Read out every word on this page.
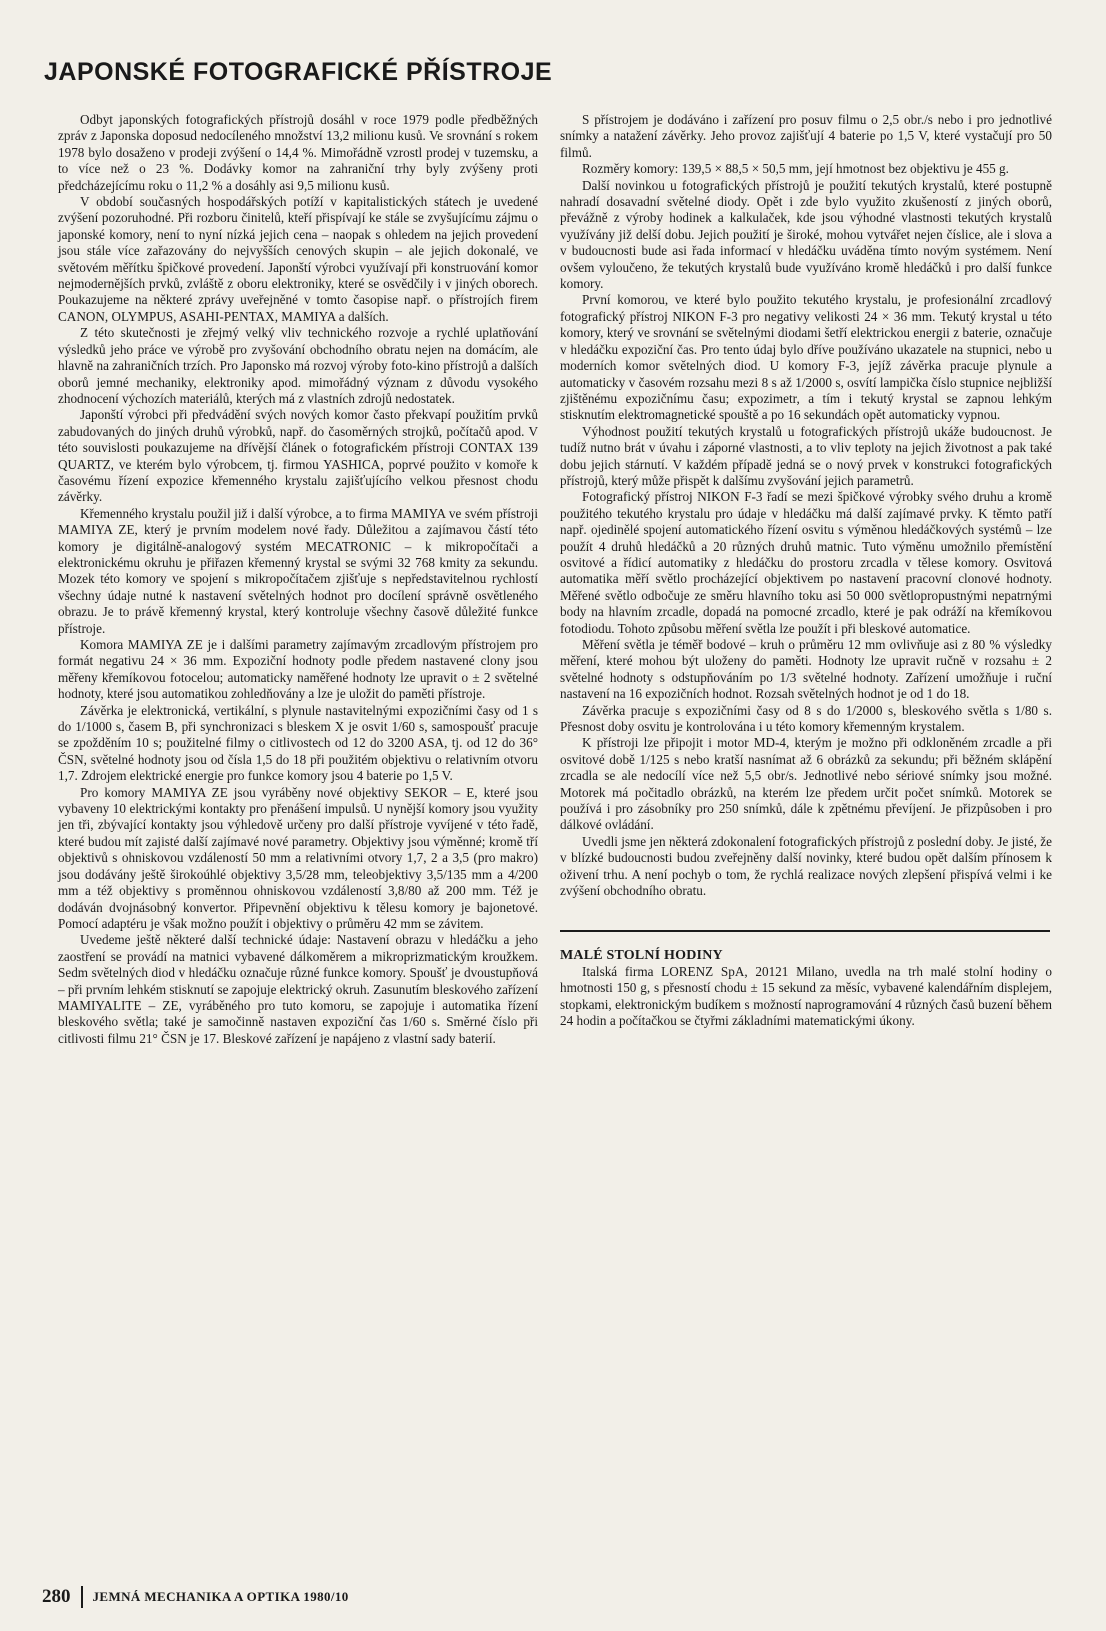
JAPONSKÉ FOTOGRAFICKÉ PŘÍSTROJE

Odbyt japonských fotografických přístrojů dosáhl v roce 1979 podle předběžných zpráv z Japonska doposud nedocíleného množství 13,2 milionu kusů. Ve srovnání s rokem 1978 bylo dosaženo v prodeji zvýšení o 14,4 %. Mimořádně vzrostl prodej v tuzemsku, a to více než o 23 %. Dodávky komor na zahraniční trhy byly zvýšeny proti předcházejícímu roku o 11,2 % a dosáhly asi 9,5 milionu kusů.

V období současných hospodářských potíží v kapitalistických státech je uvedené zvýšení pozoruhodné. Při rozboru činitelů, kteří přispívají ke stále se zvyšujícímu zájmu o japonské komory, není to nyní nízká jejich cena – naopak s ohledem na jejich provedení jsou stále více zařazovány do nejvyšších cenových skupin – ale jejich dokonalé, ve světovém měřítku špičkové provedení. Japonští výrobci využívají při konstruování komor nejmodernějších prvků, zvláště z oboru elektroniky, které se osvědčily i v jiných oborech. Poukazujeme na některé zprávy uveřejněné v tomto časopise např. o přístrojích firem CANON, OLYMPUS, ASAHI-PENTAX, MAMIYA a dalších.

Z této skutečnosti je zřejmý velký vliv technického rozvoje a rychlé uplatňování výsledků jeho práce ve výrobě pro zvyšování obchodního obratu nejen na domácím, ale hlavně na zahraničních trzích. Pro Japonsko má rozvoj výroby foto-kino přístrojů a dalších oborů jemné mechaniky, elektroniky apod. mimořádný význam z důvodu vysokého zhodnocení výchozích materiálů, kterých má z vlastních zdrojů nedostatek.

Japonští výrobci při předvádění svých nových komor často překvapí použitím prvků zabudovaných do jiných druhů výrobků, např. do časoměrných strojků, počítačů apod. V této souvislosti poukazujeme na dřívější článek o fotografickém přístroji CONTAX 139 QUARTZ, ve kterém bylo výrobcem, tj. firmou YASHICA, poprvé použito v komoře k časovému řízení expozice křemenného krystalu zajišťujícího velkou přesnost chodu závěrky.

Křemenného krystalu použil již i další výrobce, a to firma MAMIYA ve svém přístroji MAMIYA ZE, který je prvním modelem nové řady. Důležitou a zajímavou částí této komory je digitálně-analogový systém MECATRONIC – k mikropočítači a elektronickému okruhu je přiřazen křemenný krystal se svými 32 768 kmity za sekundu. Mozek této komory ve spojení s mikropočítačem zjišťuje s nepředstavitelnou rychlostí všechny údaje nutné k nastavení světelných hodnot pro docílení správně osvětleného obrazu. Je to právě křemenný krystal, který kontroluje všechny časově důležité funkce přístroje.

Komora MAMIYA ZE je i dalšími parametry zajímavým zrcadlovým přístrojem pro formát negativu 24 × 36 mm. Expoziční hodnoty podle předem nastavené clony jsou měřeny křemíkovou fotocelou; automaticky naměřené hodnoty lze upravit o ± 2 světelné hodnoty, které jsou automatikou zohledňovány a lze je uložit do paměti přístroje.

Závěrka je elektronická, vertikální, s plynule nastavitelnými expozičními časy od 1 s do 1/1000 s, časem B, při synchronizaci s bleskem X je osvit 1/60 s, samospoušť pracuje se zpožděním 10 s; použitelné filmy o citlivostech od 12 do 3200 ASA, tj. od 12 do 36° ČSN, světelné hodnoty jsou od čísla 1,5 do 18 při použitém objektivu o relativním otvoru 1,7. Zdrojem elektrické energie pro funkce komory jsou 4 baterie po 1,5 V.

Pro komory MAMIYA ZE jsou vyráběny nové objektivy SEKOR – E, které jsou vybaveny 10 elektrickými kontakty pro přenášení impulsů. U nynější komory jsou využity jen tři, zbývající kontakty jsou výhledově určeny pro další přístroje vyvíjené v této řadě, které budou mít zajisté další zajímavé nové parametry. Objektivy jsou výměnné; kromě tří objektivů s ohniskovou vzdáleností 50 mm a relativními otvory 1,7, 2 a 3,5 (pro makro) jsou dodávány ještě širokoúhlé objektivy 3,5/28 mm, teleobjektivy 3,5/135 mm a 4/200 mm a též objektivy s proměnnou ohniskovou vzdáleností 3,8/80 až 200 mm. Též je dodáván dvojnásobný konvertor. Připevnění objektivu k tělesu komory je bajonetové. Pomocí adaptéru je však možno použít i objektivy o průměru 42 mm se závitem.

Uvedeme ještě některé další technické údaje: Nastavení obrazu v hledáčku a jeho zaostření se provádí na matnici vybavené dálkoměrem a mikroprizmatickým kroužkem. Sedm světelných diod v hledáčku označuje různé funkce komory. Spoušť je dvoustupňová – při prvním lehkém stisknutí se zapojuje elektrický okruh. Zasunutím bleskového zařízení MAMIYALITE – ZE, vyráběného pro tuto komoru, se zapojuje i automatika řízení bleskového světla; také je samočinně nastaven expoziční čas 1/60 s. Směrné číslo při citlivosti filmu 21° ČSN je 17. Bleskové zařízení je napájeno z vlastní sady baterií.

S přístrojem je dodáváno i zařízení pro posuv filmu o 2,5 obr./s nebo i pro jednotlivé snímky a natažení závěrky. Jeho provoz zajišťují 4 baterie po 1,5 V, které vystačují pro 50 filmů.

Rozměry komory: 139,5 × 88,5 × 50,5 mm, její hmotnost bez objektivu je 455 g.

Další novinkou u fotografických přístrojů je použití tekutých krystalů, které postupně nahradí dosavadní světelné diody. Opět i zde bylo využito zkušeností z jiných oborů, převážně z výroby hodinek a kalkulaček, kde jsou výhodné vlastnosti tekutých krystalů využívány již delší dobu. Jejich použití je široké, mohou vytvářet nejen číslice, ale i slova a v budoucnosti bude asi řada informací v hledáčku uváděna tímto novým systémem. Není ovšem vyloučeno, že tekutých krystalů bude využíváno kromě hledáčků i pro další funkce komory.

První komorou, ve které bylo použito tekutého krystalu, je profesionální zrcadlový fotografický přístroj NIKON F-3 pro negativy velikosti 24 × 36 mm. Tekutý krystal u této komory, který ve srovnání se světelnými diodami šetří elektrickou energii z baterie, označuje v hledáčku expoziční čas. Pro tento údaj bylo dříve používáno ukazatele na stupnici, nebo u moderních komor světelných diod. U komory F-3, jejíž závěrka pracuje plynule a automaticky v časovém rozsahu mezi 8 s až 1/2000 s, osvítí lampička číslo stupnice nejbližší zjištěnému expozičnímu času; expozimetr, a tím i tekutý krystal se zapnou lehkým stisknutím elektromagnetické spouště a po 16 sekundách opět automaticky vypnou.

Výhodnost použití tekutých krystalů u fotografických přístrojů ukáže budoucnost. Je tudíž nutno brát v úvahu i záporné vlastnosti, a to vliv teploty na jejich životnost a pak také dobu jejich stárnutí. V každém případě jedná se o nový prvek v konstrukci fotografických přístrojů, který může přispět k dalšímu zvyšování jejich parametrů.

Fotografický přístroj NIKON F-3 řadí se mezi špičkové výrobky svého druhu a kromě použitého tekutého krystalu pro údaje v hledáčku má další zajímavé prvky. K těmto patří např. ojedinělé spojení automatického řízení osvitu s výměnou hledáčkových systémů – lze použít 4 druhů hledáčků a 20 různých druhů matnic. Tuto výměnu umožnilo přemístění osvitové a řídicí automatiky z hledáčku do prostoru zrcadla v tělese komory. Osvitová automatika měří světlo procházející objektivem po nastavení pracovní clonové hodnoty. Měřené světlo odbočuje ze směru hlavního toku asi 50 000 světlopropustnými nepatrnými body na hlavním zrcadle, dopadá na pomocné zrcadlo, které je pak odráží na křemíkovou fotodiodu. Tohoto způsobu měření světla lze použít i při bleskové automatice.

Měření světla je téměř bodové – kruh o průměru 12 mm ovlivňuje asi z 80 % výsledky měření, které mohou být uloženy do paměti. Hodnoty lze upravit ručně v rozsahu ± 2 světelné hodnoty s odstupňováním po 1/3 světelné hodnoty. Zařízení umožňuje i ruční nastavení na 16 expozičních hodnot. Rozsah světelných hodnot je od 1 do 18.

Závěrka pracuje s expozičními časy od 8 s do 1/2000 s, bleskového světla s 1/80 s. Přesnost doby osvitu je kontrolována i u této komory křemenným krystalem.

K přístroji lze připojit i motor MD-4, kterým je možno při odkloněném zrcadle a při osvitové době 1/125 s nebo kratší nasnímat až 6 obrázků za sekundu; při běžném sklápění zrcadla se ale nedocílí více než 5,5 obr/s. Jednotlivé nebo sériové snímky jsou možné. Motorek má počitadlo obrázků, na kterém lze předem určit počet snímků. Motorek se používá i pro zásobníky pro 250 snímků, dále k zpětnému převíjení. Je přizpůsoben i pro dálkové ovládání.

Uvedli jsme jen některá zdokonalení fotografických přístrojů z poslední doby. Je jisté, že v blízké budoucnosti budou zveřejněny další novinky, které budou opět dalším přínosem k oživení trhu. A není pochyb o tom, že rychlá realizace nových zlepšení přispívá velmi i ke zvýšení obchodního obratu.

MALÉ STOLNÍ HODINY

Italská firma LORENZ SpA, 20121 Milano, uvedla na trh malé stolní hodiny o hmotnosti 150 g, s přesností chodu ± 15 sekund za měsíc, vybavené kalendářním displejem, stopkami, elektronickým budíkem s možností naprogramování 4 různých časů buzení během 24 hodin a počítačkou se čtyřmi základními matematickými úkony.

280 JEMNÁ MECHANIKA A OPTIKA 1980/10
